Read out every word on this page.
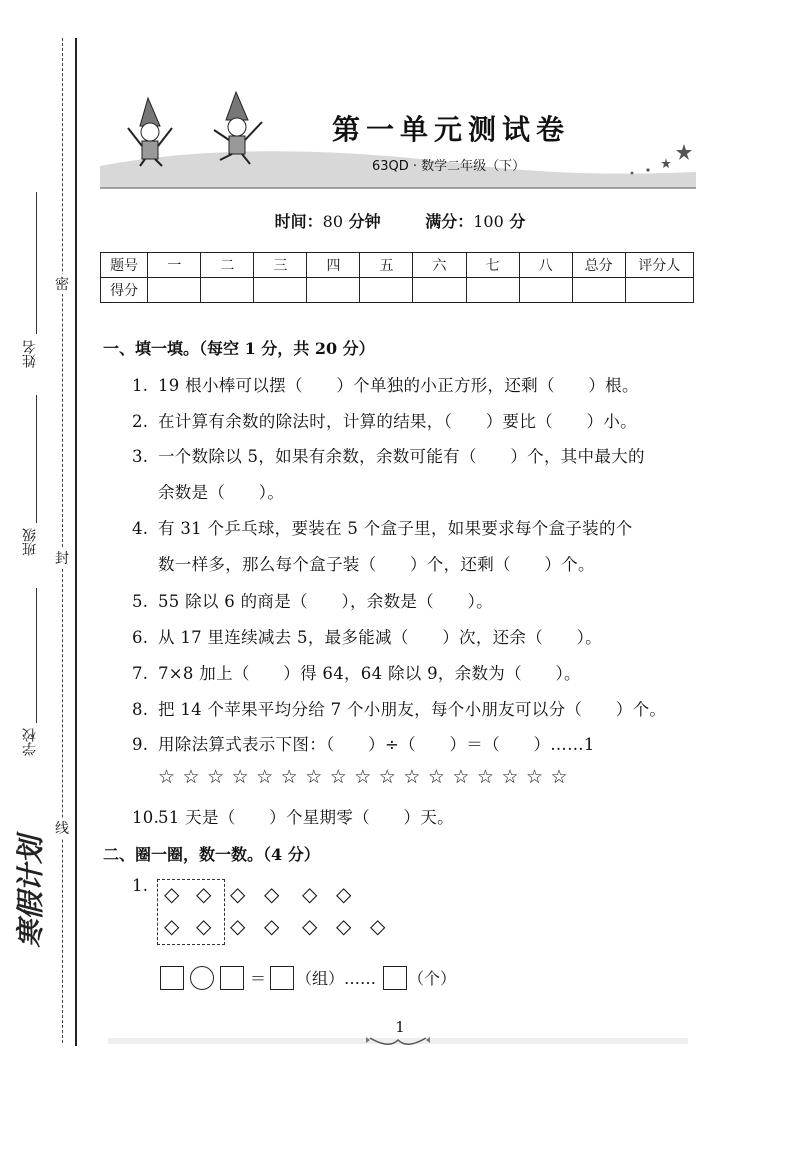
密
封
线
姓名
班级
学校
寒假计划
第一单元测试卷
63QD · 数学二年级（下）
时间：80 分钟	满分：100 分
题号	一	二	三	四	五	六	七	八	总分	评分人
得分										
一、填一填。（每空 1 分，共 20 分）
1. 19 根小棒可以摆（　　）个单独的小正方形，还剩（　　）根。
2. 在计算有余数的除法时，计算的结果，（　　）要比（　　）小。
3. 一个数除以 5，如果有余数，余数可能有（　　）个，其中最大的
余数是（　　）。
4. 有 31 个乒乓球，要装在 5 个盒子里，如果要求每个盒子装的个
数一样多，那么每个盒子装（　　）个，还剩（　　）个。
5. 55 除以 6 的商是（　　），余数是（　　）。
6. 从 17 里连续减去 5，最多能减（　　）次，还余（　　）。
7. 7×8 加上（　　）得 64，64 除以 9，余数为（　　）。
8. 把 14 个苹果平均分给 7 个小朋友，每个小朋友可以分（　　）个。
9. 用除法算式表示下图：（　　）÷（　　）＝（　　）……1
☆☆☆☆☆☆☆☆☆☆☆☆☆☆☆☆☆
10.51 天是（　　）个星期零（　　）天。
二、圈一圈，数一数。（4 分）
1. ◇ ◇ ◇ ◇ ◇ ◇
◇ ◇ ◇ ◇ ◇ ◇ ◇
＝ （组）…… （个）
1
